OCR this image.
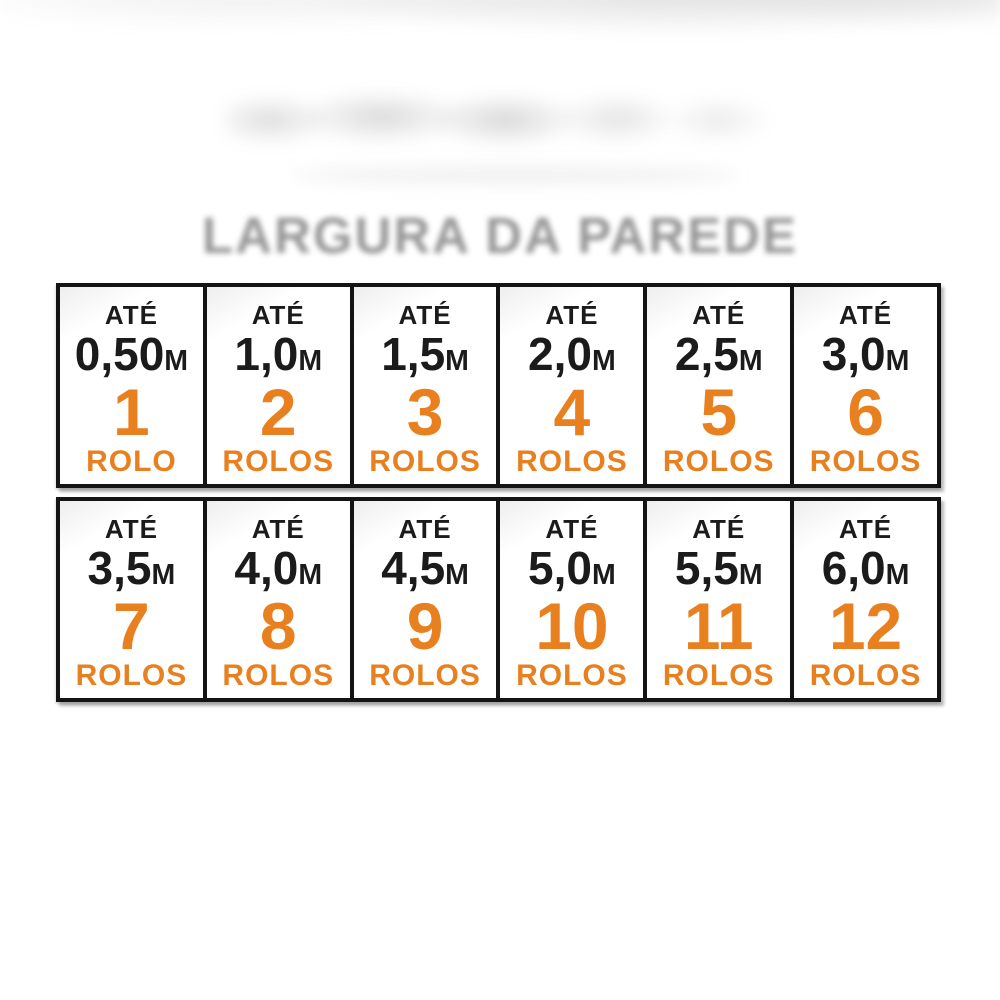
LARGURA DA PAREDE
ATÉ
0,50M
1
ROLO
ATÉ
1,0M
2
ROLOS
ATÉ
1,5M
3
ROLOS
ATÉ
2,0M
4
ROLOS
ATÉ
2,5M
5
ROLOS
ATÉ
3,0M
6
ROLOS
ATÉ
3,5M
7
ROLOS
ATÉ
4,0M
8
ROLOS
ATÉ
4,5M
9
ROLOS
ATÉ
5,0M
10
ROLOS
ATÉ
5,5M
11
ROLOS
ATÉ
6,0M
12
ROLOS
